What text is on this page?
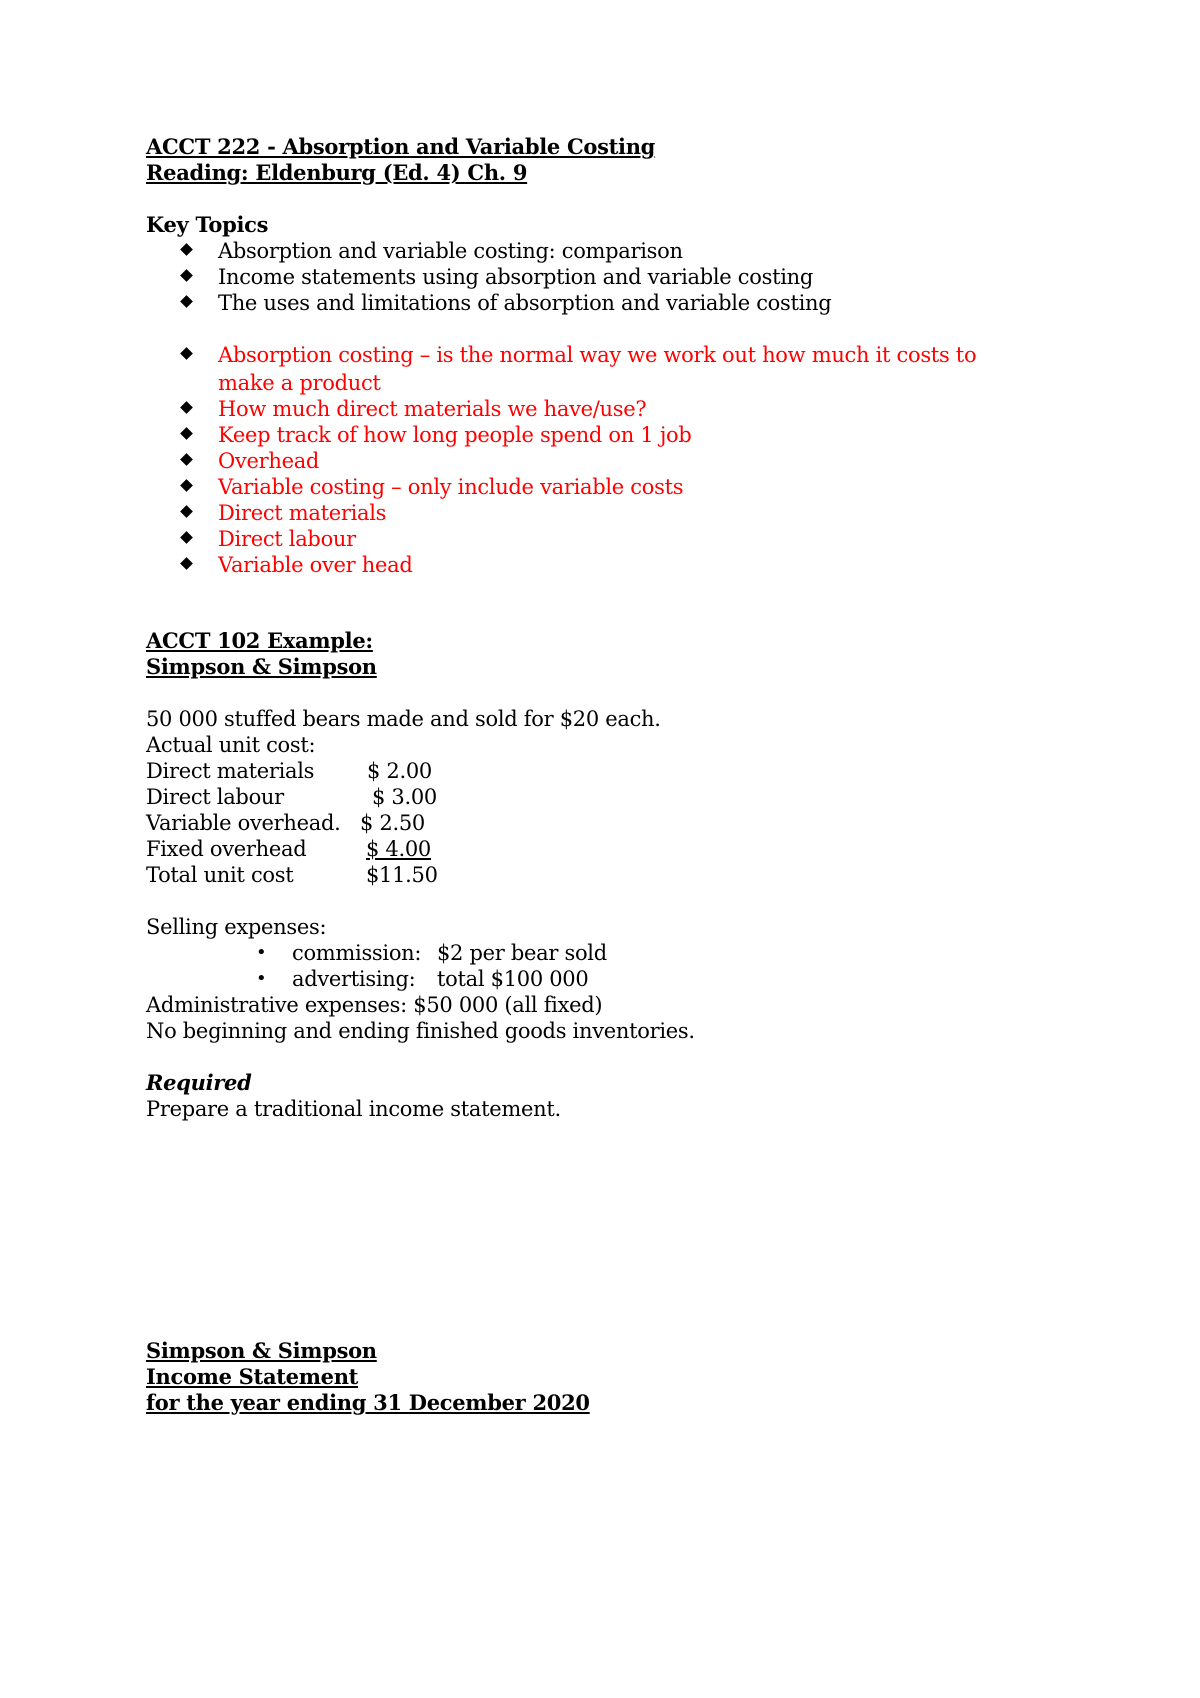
ACCT 222 - Absorption and Variable Costing
Reading: Eldenburg (Ed. 4) Ch. 9
Key Topics
Absorption and variable costing: comparison
Income statements using absorption and variable costing
The uses and limitations of absorption and variable costing
Absorption costing – is the normal way we work out how much it costs to make a product
How much direct materials we have/use?
Keep track of how long people spend on 1 job
Overhead
Variable costing – only include variable costs
Direct materials
Direct labour
Variable over head
ACCT 102 Example:
Simpson & Simpson
50 000 stuffed bears made and sold for $20 each.
Actual unit cost:
Direct materials	$ 2.00
Direct labour	$ 3.00
Variable overhead. $ 2.50
Fixed overhead	$ 4.00
Total unit cost	$11.50
Selling expenses:
• commission: $2 per bear sold
• advertising: total $100 000
Administrative expenses: $50 000 (all fixed)
No beginning and ending finished goods inventories.
Required
Prepare a traditional income statement.
Simpson & Simpson
Income Statement
for the year ending 31 December 2020
